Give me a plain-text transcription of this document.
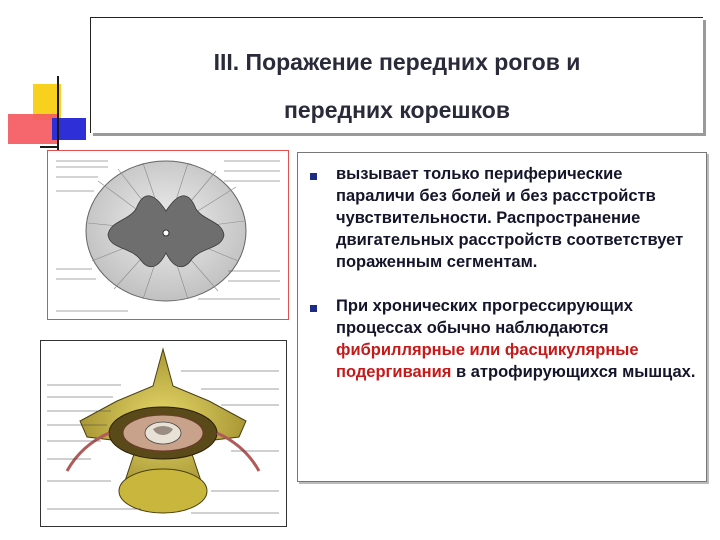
III. Поражение передних рогов и

передних корешков

вызывает только периферические параличи без болей и без расстройств чувствительности. Распространение двигательных расстройств соответствует пораженным сегментам.

При хронических прогрессирующих процессах обычно наблюдаются фибриллярные или фасцикулярные подергивания в атрофирующихся мышцах.
